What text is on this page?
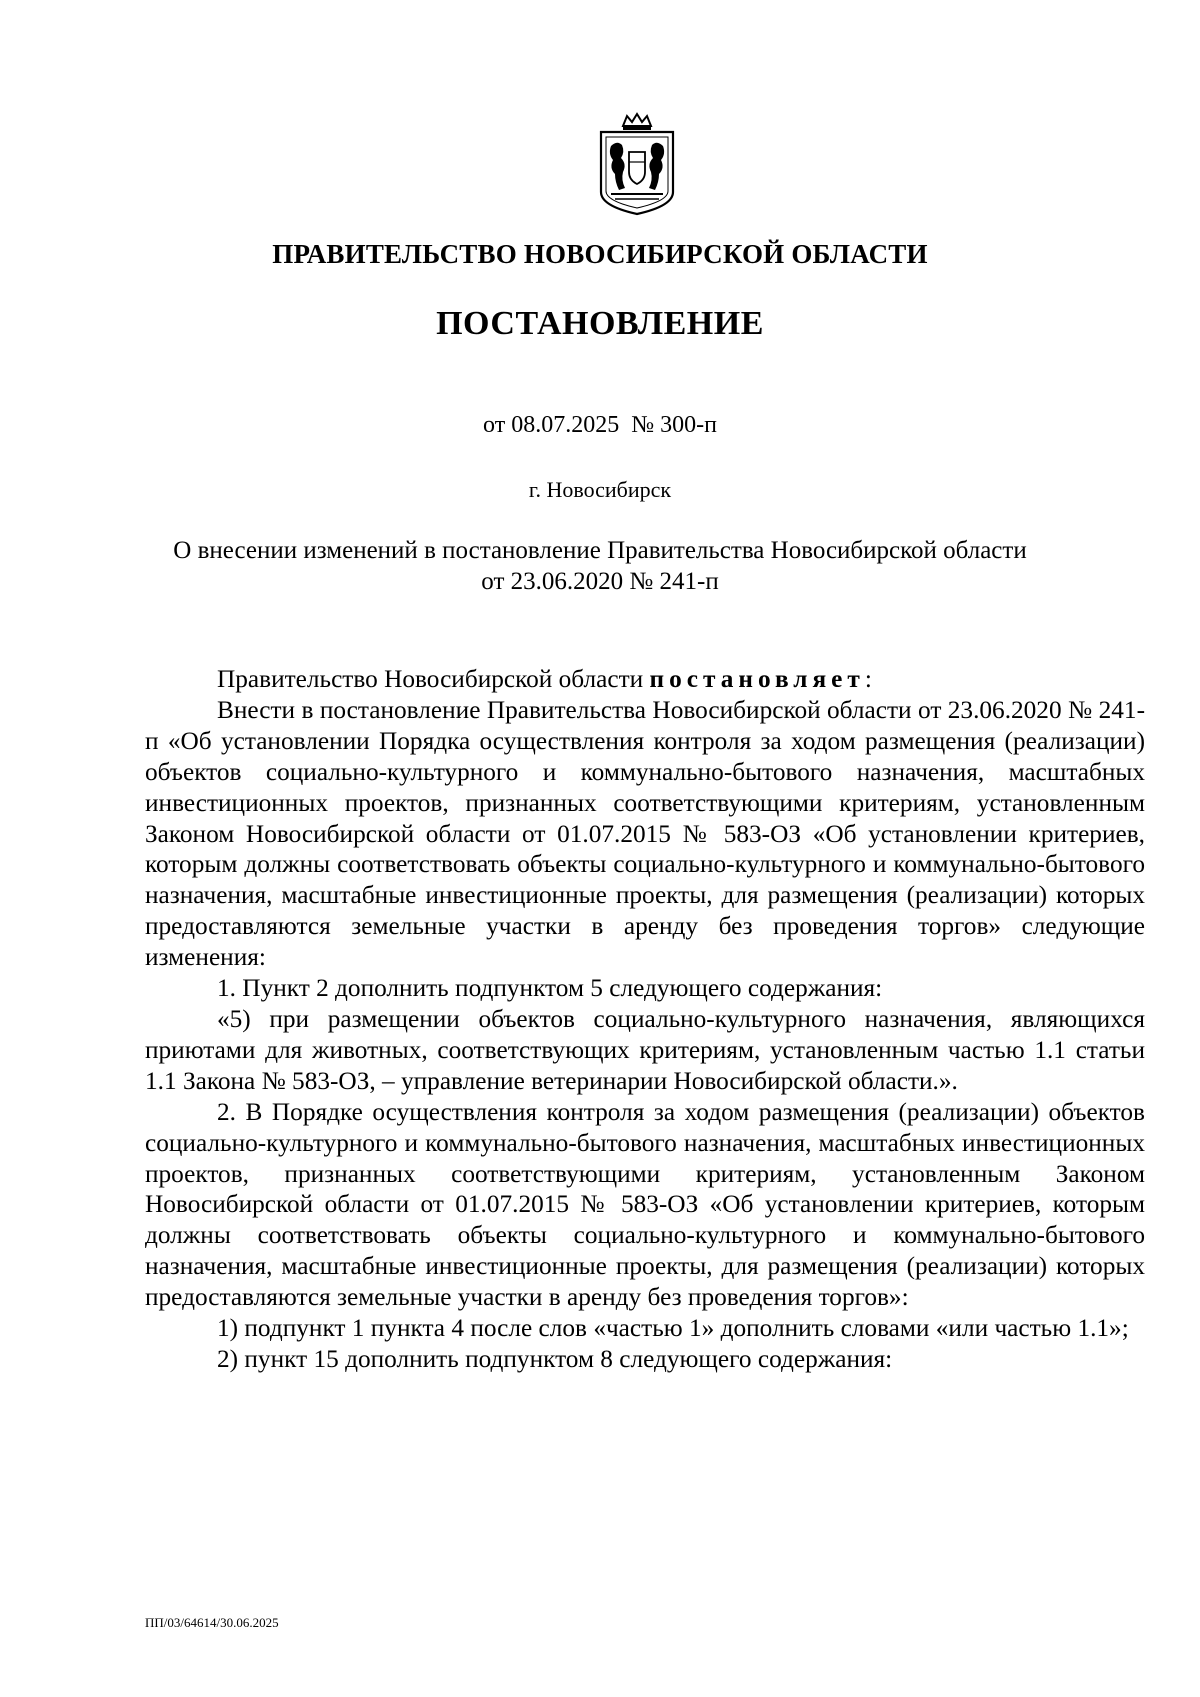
ПРАВИТЕЛЬСТВО НОВОСИБИРСКОЙ ОБЛАСТИ
ПОСТАНОВЛЕНИЕ
от 08.07.2025  № 300-п
г. Новосибирск
О внесении изменений в постановление Правительства Новосибирской области
от 23.06.2020 № 241-п

Правительство Новосибирской области постановляет:

Внести в постановление Правительства Новосибирской области от 23.06.2020 № 241-п «Об установлении Порядка осуществления контроля за ходом размещения (реализации) объектов социально-культурного и коммунально-бытового назначения, масштабных инвестиционных проектов, признанных соответствующими критериям, установленным Законом Новосибирской области от 01.07.2015 № 583-ОЗ «Об установлении критериев, которым должны соответствовать объекты социально-культурного и коммунально-бытового назначения, масштабные инвестиционные проекты, для размещения (реализации) которых предоставляются земельные участки в аренду без проведения торгов» следующие изменения:

1. Пункт 2 дополнить подпунктом 5 следующего содержания:

«5) при размещении объектов социально-культурного назначения, являющихся приютами для животных, соответствующих критериям, установленным частью 1.1 статьи 1.1 Закона № 583-ОЗ, – управление ветеринарии Новосибирской области.».

2. В Порядке осуществления контроля за ходом размещения (реализации) объектов социально-культурного и коммунально-бытового назначения, масштабных инвестиционных проектов, признанных соответствующими критериям, установленным Законом Новосибирской области от 01.07.2015 № 583-ОЗ «Об установлении критериев, которым должны соответствовать объекты социально-культурного и коммунально-бытового назначения, масштабные инвестиционные проекты, для размещения (реализации) которых предоставляются земельные участки в аренду без проведения торгов»:

1) подпункт 1 пункта 4 после слов «частью 1» дополнить словами «или частью 1.1»;

2) пункт 15 дополнить подпунктом 8 следующего содержания:

ПП/03/64614/30.06.2025
